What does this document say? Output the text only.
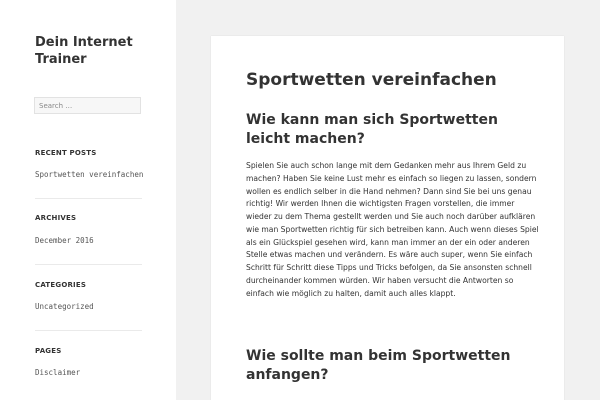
Dein Internet Trainer
Search …
RECENT POSTS
Sportwetten vereinfachen
ARCHIVES
December 2016
CATEGORIES
Uncategorized
PAGES
Disclaimer
Sportwetten vereinfachen
Wie kann man sich Sportwetten leicht machen?
Spielen Sie auch schon lange mit dem Gedanken mehr aus Ihrem Geld zu machen? Haben Sie keine Lust mehr es einfach so liegen zu lassen, sondern wollen es endlich selber in die Hand nehmen? Dann sind Sie bei uns genau richtig! Wir werden Ihnen die wichtigsten Fragen vorstellen, die immer wieder zu dem Thema gestellt werden und Sie auch noch darüber aufklären wie man Sportwetten richtig für sich betreiben kann. Auch wenn dieses Spiel als ein Glückspiel gesehen wird, kann man immer an der ein oder anderen Stelle etwas machen und verändern. Es wäre auch super, wenn Sie einfach Schritt für Schritt diese Tipps und Tricks befolgen, da Sie ansonsten schnell durcheinander kommen würden. Wir haben versucht die Antworten so einfach wie möglich zu halten, damit auch alles klappt.
Wie sollte man beim Sportwetten anfangen?
